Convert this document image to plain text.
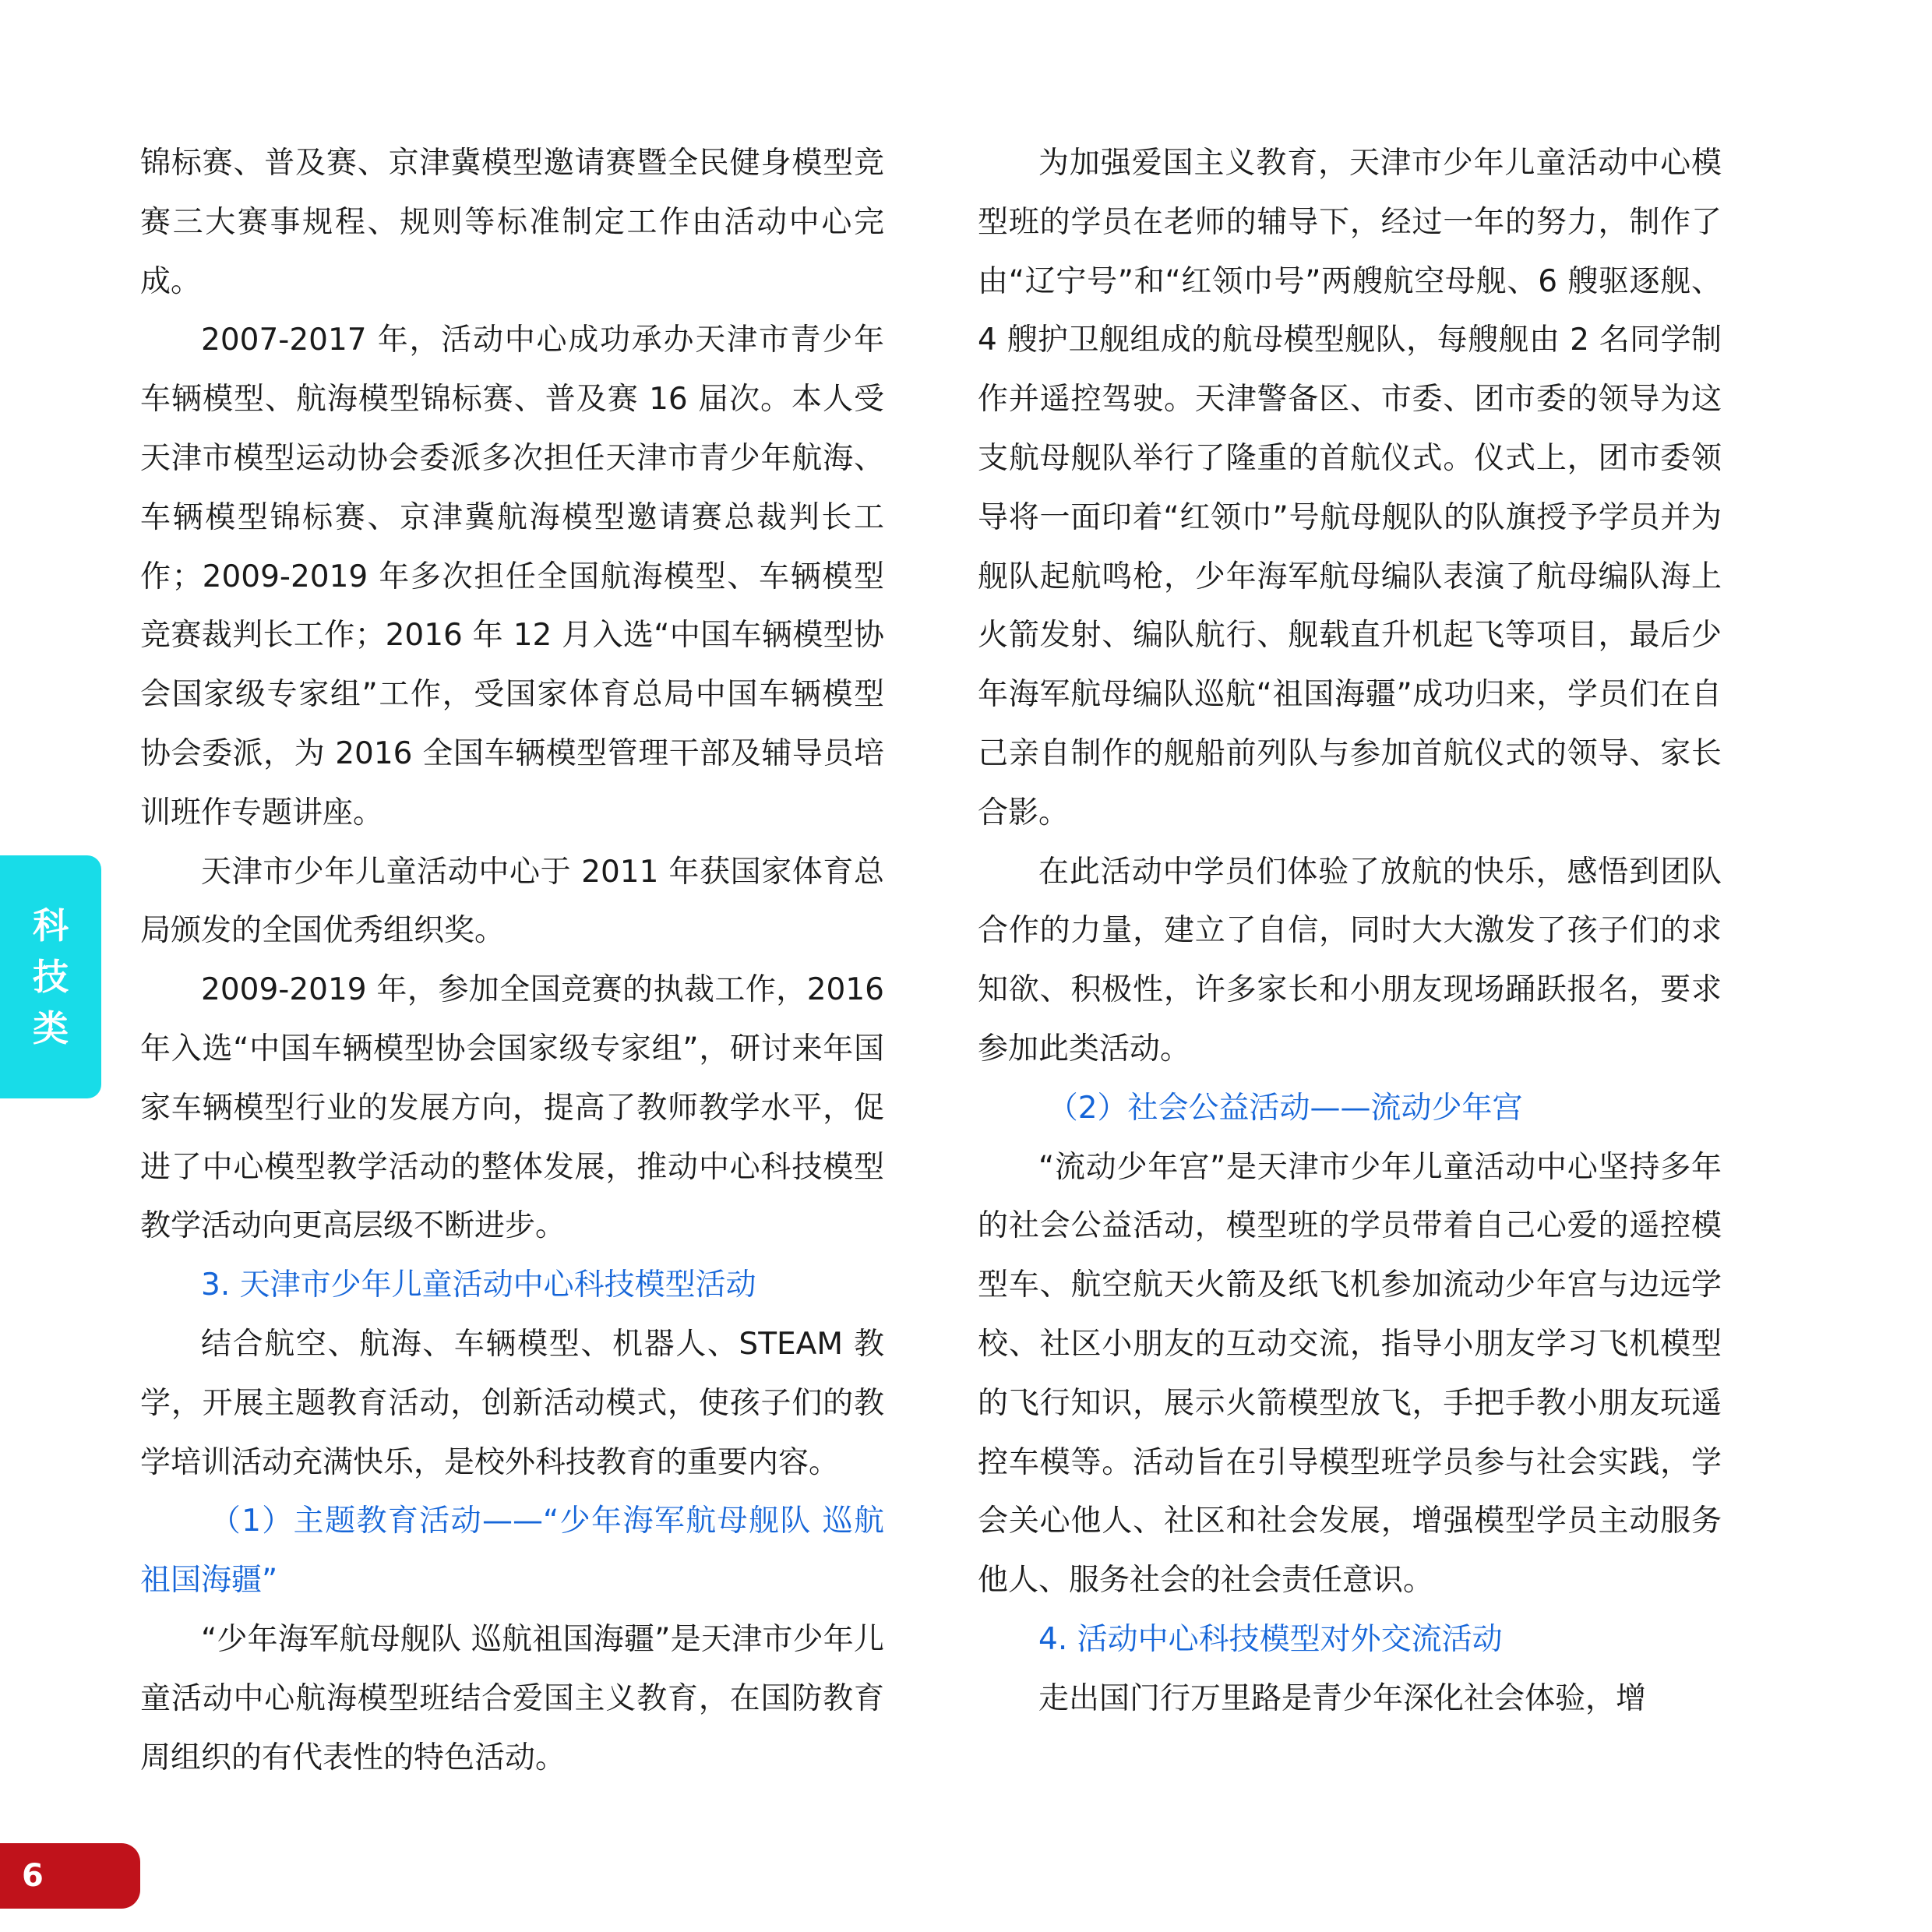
锦标赛、普及赛、京津冀模型邀请赛暨全民健身模型竞赛三大赛事规程、规则等标准制定工作由活动中心完成。

2007-2017 年，活动中心成功承办天津市青少年车辆模型、航海模型锦标赛、普及赛 16 届次。本人受天津市模型运动协会委派多次担任天津市青少年航海、车辆模型锦标赛、京津冀航海模型邀请赛总裁判长工作；2009-2019 年多次担任全国航海模型、车辆模型竞赛裁判长工作；2016 年 12 月入选“中国车辆模型协会国家级专家组”工作，受国家体育总局中国车辆模型协会委派，为 2016 全国车辆模型管理干部及辅导员培训班作专题讲座。

天津市少年儿童活动中心于 2011 年获国家体育总局颁发的全国优秀组织奖。

2009-2019 年，参加全国竞赛的执裁工作，2016 年入选“中国车辆模型协会国家级专家组”，研讨来年国家车辆模型行业的发展方向，提高了教师教学水平，促进了中心模型教学活动的整体发展，推动中心科技模型教学活动向更高层级不断进步。

3. 天津市少年儿童活动中心科技模型活动

结合航空、航海、车辆模型、机器人、STEAM 教学，开展主题教育活动，创新活动模式，使孩子们的教学培训活动充满快乐，是校外科技教育的重要内容。

（1）主题教育活动——“少年海军航母舰队 巡航祖国海疆”

“少年海军航母舰队 巡航祖国海疆”是天津市少年儿童活动中心航海模型班结合爱国主义教育，在国防教育周组织的有代表性的特色活动。

为加强爱国主义教育，天津市少年儿童活动中心模型班的学员在老师的辅导下，经过一年的努力，制作了由“辽宁号”和“红领巾号”两艘航空母舰、6 艘驱逐舰、4 艘护卫舰组成的航母模型舰队，每艘舰由 2 名同学制作并遥控驾驶。天津警备区、市委、团市委的领导为这支航母舰队举行了隆重的首航仪式。仪式上，团市委领导将一面印着“红领巾”号航母舰队的队旗授予学员并为舰队起航鸣枪，少年海军航母编队表演了航母编队海上火箭发射、编队航行、舰载直升机起飞等项目，最后少年海军航母编队巡航“祖国海疆”成功归来，学员们在自己亲自制作的舰船前列队与参加首航仪式的领导、家长合影。

在此活动中学员们体验了放航的快乐，感悟到团队合作的力量，建立了自信，同时大大激发了孩子们的求知欲、积极性，许多家长和小朋友现场踊跃报名，要求参加此类活动。

（2）社会公益活动——流动少年宫

“流动少年宫”是天津市少年儿童活动中心坚持多年的社会公益活动，模型班的学员带着自己心爱的遥控模型车、航空航天火箭及纸飞机参加流动少年宫与边远学校、社区小朋友的互动交流，指导小朋友学习飞机模型的飞行知识，展示火箭模型放飞，手把手教小朋友玩遥控车模等。活动旨在引导模型班学员参与社会实践，学会关心他人、社区和社会发展，增强模型学员主动服务他人、服务社会的社会责任意识。

4. 活动中心科技模型对外交流活动

走出国门行万里路是青少年深化社会体验，增

科
技
类
6
